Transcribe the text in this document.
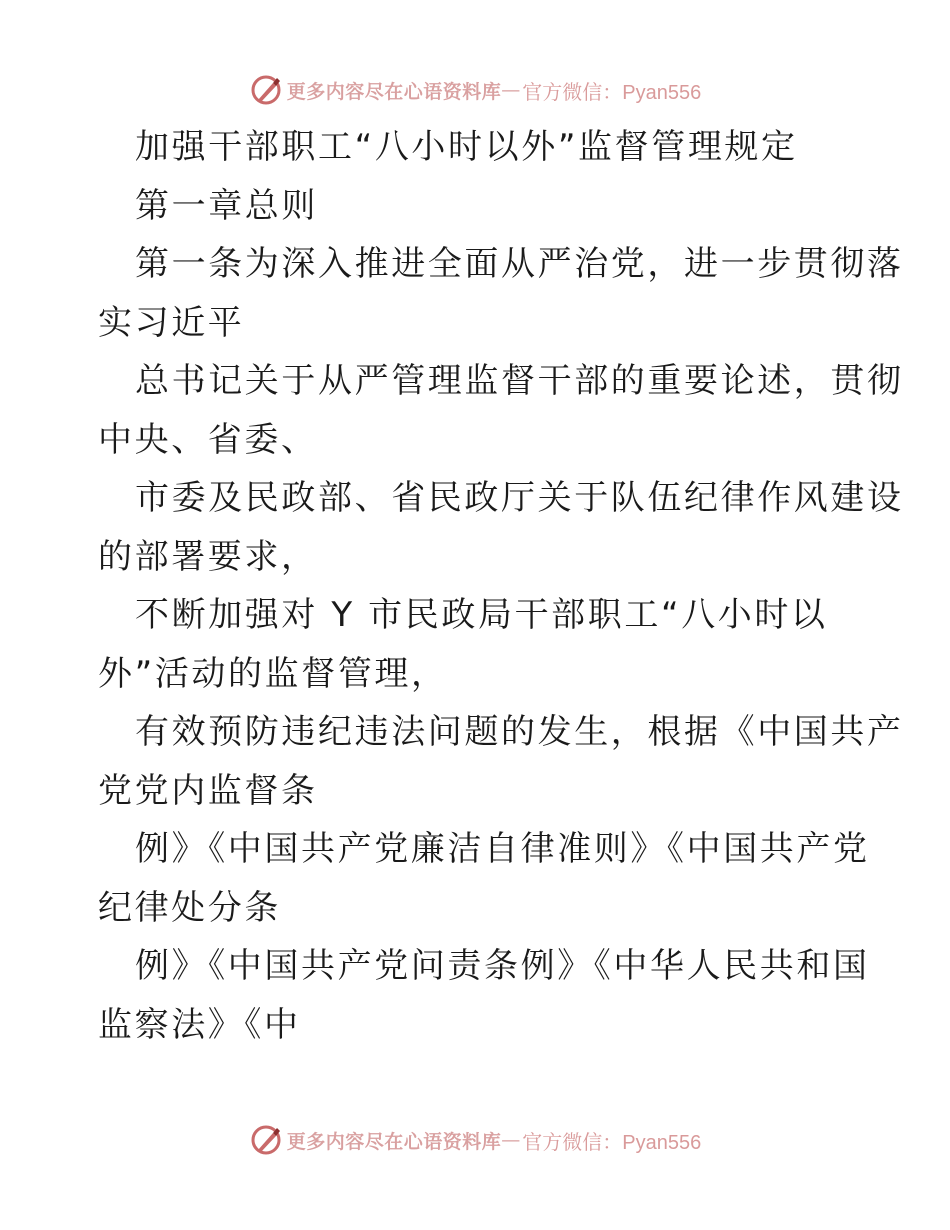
更多内容尽在心语资料库 — 官方微信：Pyan556
加强干部职工“八小时以外”监督管理规定
第一章总则
第一条为深入推进全面从严治党，进一步贯彻落
实习近平
总书记关于从严管理监督干部的重要论述，贯彻
中央、省委、
市委及民政部、省民政厅关于队伍纪律作风建设
的部署要求，
不断加强对 Y 市民政局干部职工“八小时以
外”活动的监督管理，
有效预防违纪违法问题的发生，根据《中国共产
党党内监督条
例》《中国共产党廉洁自律准则》《中国共产党
纪律处分条
例》《中国共产党问责条例》《中华人民共和国
监察法》《中
更多内容尽在心语资料库 — 官方微信：Pyan556
